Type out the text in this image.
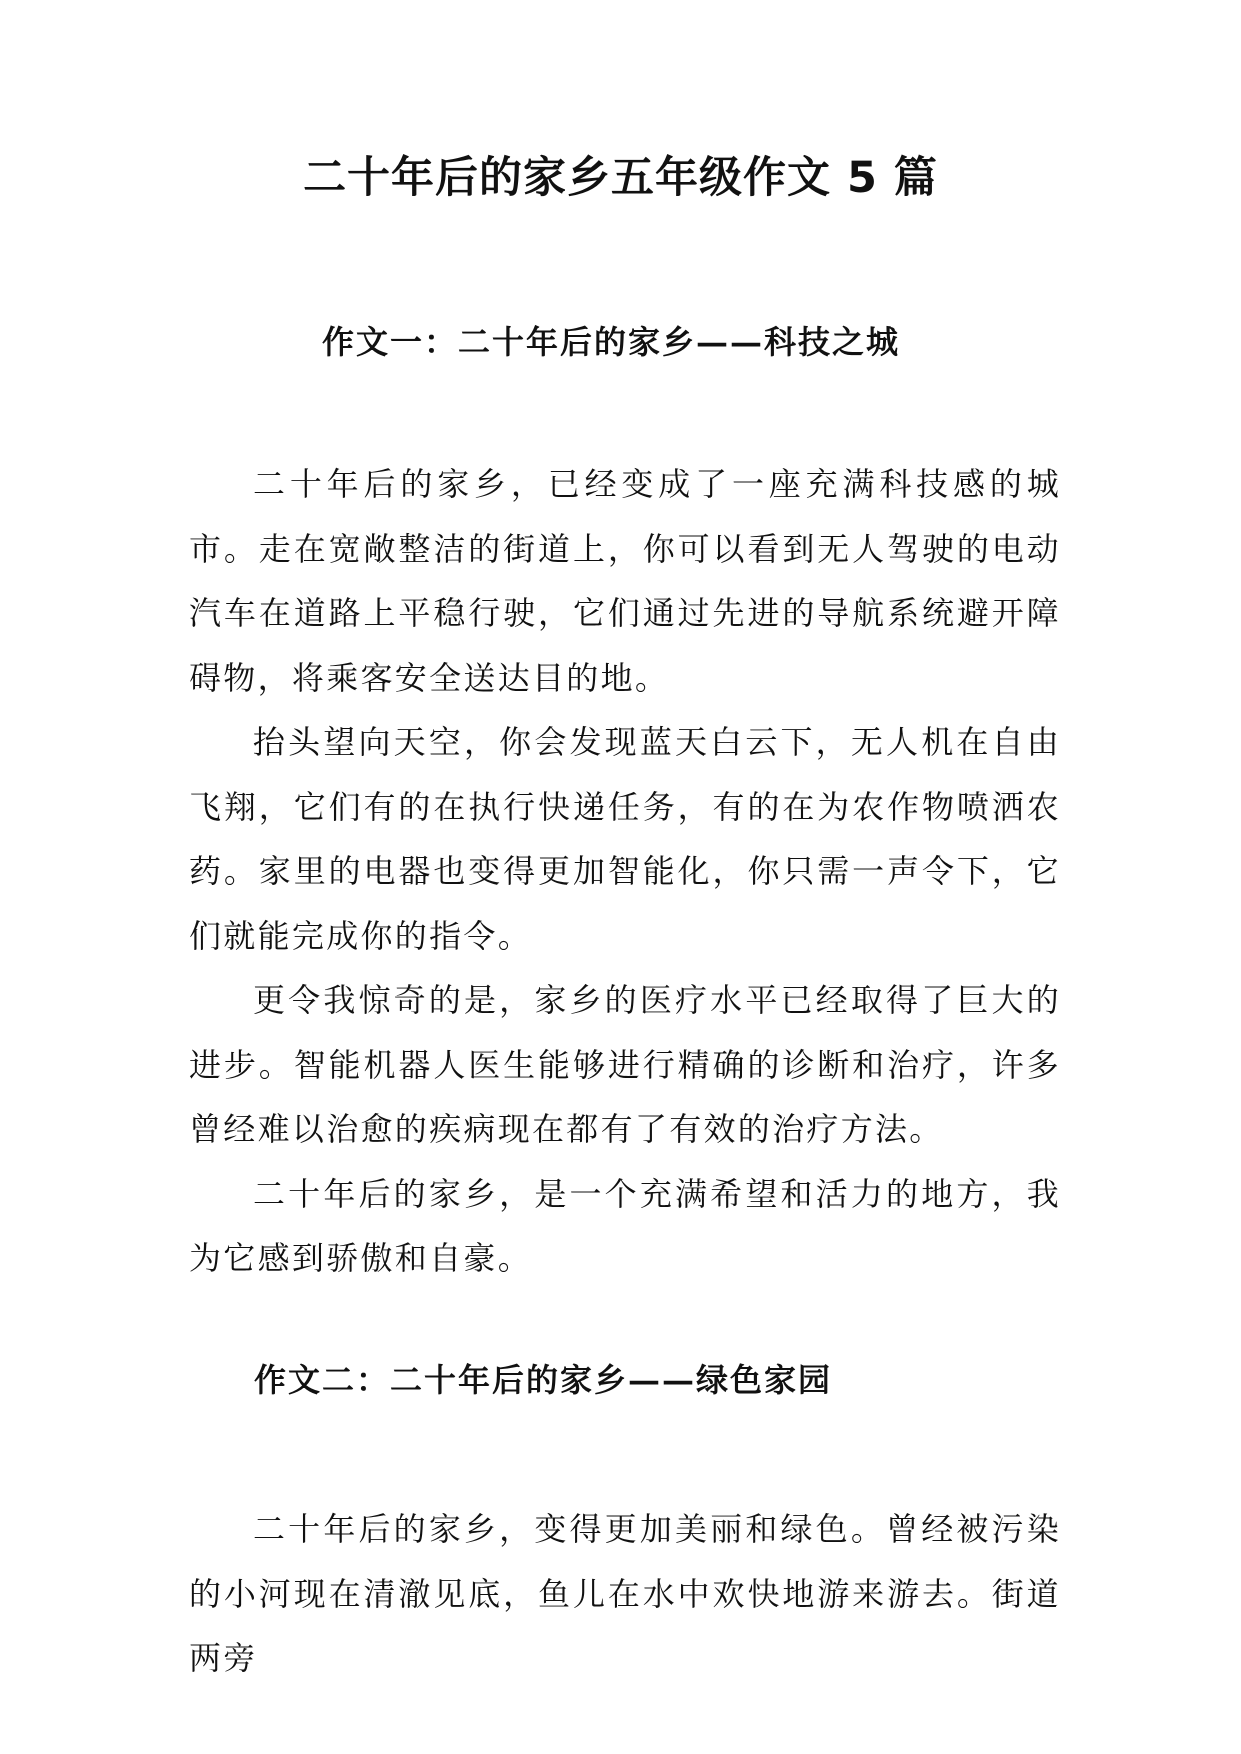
二十年后的家乡五年级作文 5 篇
作文一：二十年后的家乡——科技之城

二十年后的家乡，已经变成了一座充满科技感的城市。走在宽敞整洁的街道上，你可以看到无人驾驶的电动汽车在道路上平稳行驶，它们通过先进的导航系统避开障碍物，将乘客安全送达目的地。

抬头望向天空，你会发现蓝天白云下，无人机在自由飞翔，它们有的在执行快递任务，有的在为农作物喷洒农药。家里的电器也变得更加智能化，你只需一声令下，它们就能完成你的指令。

更令我惊奇的是，家乡的医疗水平已经取得了巨大的进步。智能机器人医生能够进行精确的诊断和治疗，许多曾经难以治愈的疾病现在都有了有效的治疗方法。

二十年后的家乡，是一个充满希望和活力的地方，我为它感到骄傲和自豪。

作文二：二十年后的家乡——绿色家园

二十年后的家乡，变得更加美丽和绿色。曾经被污染的小河现在清澈见底，鱼儿在水中欢快地游来游去。街道两旁
